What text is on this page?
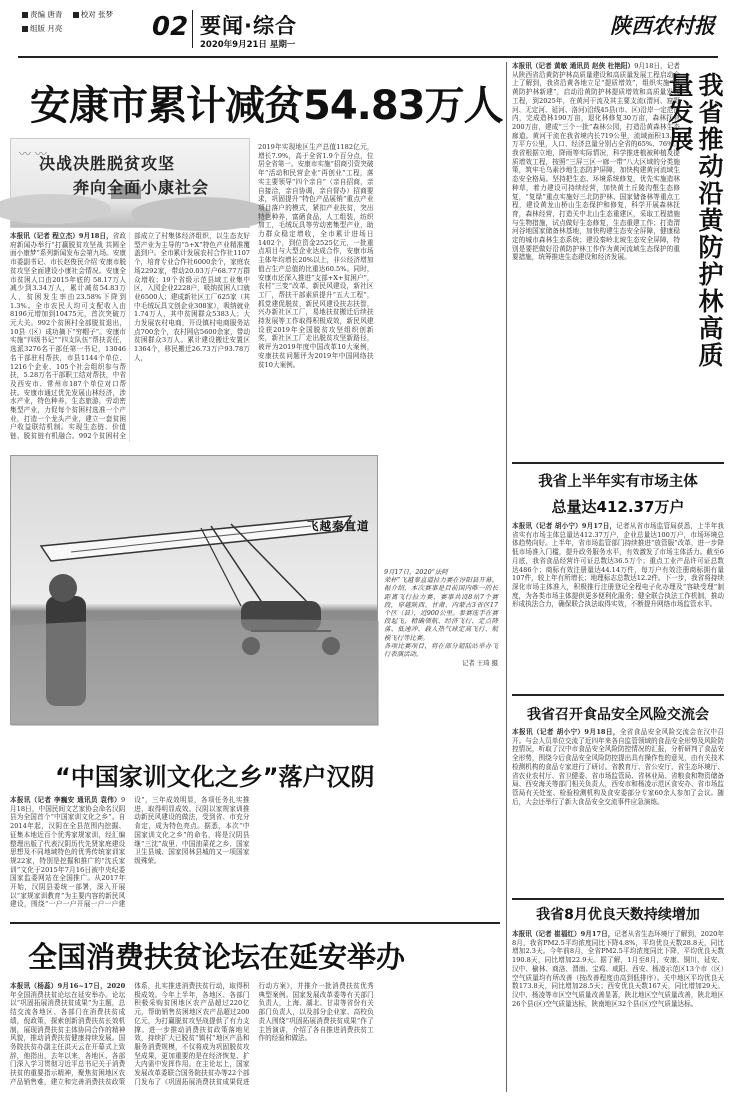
责编 唐青 校对 张梦
组版 月亮	02 要闻·综合
2020年9月21日 星期一
陕西农村报
安康市累计减贫54.83万人
〰 〰
决战决胜脱贫攻坚
奔向全面小康社会
本报讯（记者 程立杰）9月18日，省政府新闻办举行“打赢脱贫攻坚战 共圆全面小康梦”系列新闻发布会第九场。安康市委副书记、市长赵俊民介绍 安康市脱贫攻坚全面建设小康社会情况。安康全市贫困人口由2015年底的 58.17万人减少到3.34万人，累计减贫54.83万人，贫困发生率由23.58%下降到1.3%。全市农民人均可支配收入由8196元增加到10475元，首次突破万元大关。992个贫困村全部脱贫退出，10县（区）成功摘下“穷帽子”。安康市实施“四级书记”“四支队伍”帮扶责任，选派3276名干部任第一书记，13046名干部驻村帮扶，市县1144个单位、1216个企业、105个社会组织参与帮扶，5.28万名干部职工结对帮扶，中省及西安市、常州市187个单位对口帮扶。安康市通过优先发展山林经济，涉水产业，特色种养，生态旅游，劳动密集型产业，力促每个贫困村选准一个产业，打造一个龙头产业，建立一套贫困户收益联结机制。实现生态链、价值链、脱贫链有机融合。992个贫困村全部成立了村集体经济组织，以生态友好型产业为主导的“5+X”特色产业精准覆盖到户。全市累计发展农村合作社1107个，培育专业合作社6000余个，家庭农场2292家，带动20.03万户68.77万群众增收；19个省级示范县域工业集中区，入园企业2228户，吸纳贫困人口就业6500人；建成新社区工厂625家（其中毛绒玩具文创企业308家），吸纳就业1.74万人，其中贫困群众5383人；大力发展农村电商，开设镇村电商服务站点700余个，农村网店5600余家，带动贫困群众3万人。累计建设搬迁安置区1364个，移民搬迁26.73万户93.78万人，
2019年实现地区生产总值1182亿元，增长7.9%，高于全省1.9个百分点，位居全省第一。安康市实施“招商引资突破年”活动和民营企业“再创业”工程，落实主要领导“四个亲自”（亲自招商，亲自接洽，亲自协调，亲自督办）招商要求，巩固提升“特色产品展销”重点产业项目落户的模式，紧扣产业扶贫，突出特色种养，富硒食品，人工组装，纺织加工，毛绒玩具等劳动密集型产业，助力群众稳定增收，全市累计进场日1402个，到位资金2525亿元，一批重点项目与大型企业达成合作，安康市场主体年均增长20%以上，非公经济增加值占生产总值的比重达60.5%。同时，安康市还深入推进“支部+X+贫困户”，农村“三变”改革，新民风建设，新社区工厂，帮扶干部素质提升“五大工程”，抓党建促脱贫，新民风建设扶志扶智，兴办新社区工厂，易地扶贫搬迁后续扶持发展等工作取得积极成效，新民风建设获2019年全国脱贫攻坚组织创新奖，新社区工厂走出脱贫攻坚新路径，被评为2019年度中国改革10大案例，安康扶贫问题评为2019年中国网络扶贫10大案例。
飞越秦直道
9月17日，2020“法阿
荣杯”飞越秦直道拉力赛在淳阳县开幕。据介绍，本次赛事是目前国内唯一的长距离飞行拉力赛，赛事共设8站7个赛段，穿越陕西、甘肃、内蒙古3省区17个区（县），近900公里。参赛选手在赛段起飞，精确领航、经济飞行、定点降落、低速冲、载人热气球定高飞行、航模飞行等比赛。
各项比赛项目，将在部分超陆站举办飞行表演活动。
记者 王琦 摄
“中国家训文化之乡”落户汉阴
本报讯（记者 李巍安 通讯员 袁伟）9月18日，中国民间文艺家协会命名汉阴县为全国首个“中国家训文化之乡”。自2014年起，汉阴在全县范围内挖掘、征集本地近百个优秀家规家训，经汇编整理出版了代表汉阴历代先贤家庭建设思想及不同地域特色的优秀传统家训家规22家，特别是挖掘和推广的“沈氏家训”文化于2015年7月16日被中央纪委国家监委网站在全国推广。从2017年开始，汉阴县委统一部署，深入开展以“家规家训教育”为主要内容的新民风建设，围绕“一户一户开展一户一户建设”，三年成效明显，各项任务扎实推进，取得明显成效。汉阴以家规家训推动新民风建设的做法，受到省、市充分肯定，成为特色亮点。据悉，本次“中国家训文化之乡”的命名，将是汉阴县继“三沈”故里、中国油菜花之乡、国家卫生县城、国家园林县城的又一项国家级殊荣。
全国消费扶贫论坛在延安举办
本报讯（杨蕊）9月16~17日，2020年全国消费扶贫论坛在延安举办。论坛以“巩固拓展消费扶贫成果”为主题，总结交流各地区、各部门在消费扶贫成绩，倪政策，探索创新消费扶贫长效机制，展现消费扶贫主体协同合作的精神风貌，推动消费扶贫健康持续发展。国务院扶贫办副主任洪天云在开幕式上致辞，他指出，去年以来，各地区、各部门深入学习贯彻习近平总书记关于消费扶贫的重要指示精神，聚焦贫困地区农产品销售难，建立和完善消费扶贫政策体系，扎实推进消费扶贫行动，取得积极成效。今年上半年，各地区、各部门积极采购贫困地区农产品超过220亿元，帮助销售贫困地区农产品超过200亿元，为打赢脱贫攻坚战提供了有力支撑。进一步推动消费扶贫政策落地见效，持续扩大已脱贫“镇村”地区产品和服务消费规模，不仅将成为巩固脱贫攻坚成果，更加重要的是在经济恢复、扩大内需中发挥作用。在主论坛上，国家发展改革委联合国务院扶贫办等22个部门发布了《巩固拓展消费扶贫成果促进行动方案》，并推介一批消费扶贫优秀典型案例。国家发展改革委等有关部门负责人，上海、湖北、甘肃等省份有关部门负责人，以及部分企业家、高校负责人围绕“巩固拓展消费扶贫成果”作了主旨演讲，介绍了各自推进消费扶贫工作的经验和做法。
本报讯（记者 黄敏 通讯员 赵侠 杜艳阳）9月18日，记者从陕西省沿黄防护林高质量建设和高质量发展工程启动会上了解到，我省沿黄各地立足“提质增效”，组织实施“沿黄防护林新建”，启动沿黄防护林提质增效和高质量发展工程，到2025年，在黄河干流及其主要支流(渭河、窟野河、无定河、延河、洛河)沿线45县(市、区)沿岸一定范围内，完成造林190万亩，退化林修复30万亩，森林抚育200万亩，建成“三个一批”森林公园，打造沿黄森林生态廊道。黄河干流在我省境内长719公里，流域面积13.33万平方公里，人口、经济总量分别占全省的65%、76%。我省根据立地，降雨等实际情况，科学推进植被种植及提质增效工程，按照“三屏三区一廊一带”八大区域的分类施策，筑牢毛乌素沙地生态防护屏障，加快构建黄河流域生态安全格局。坚持把生态、环境系统修复，优先实施造林种草，着力建设可持续经营，加快黄土丘陵沟壑生态修复，“复绿”重点实施好三北防护林、国家储备林等重点工程，建设黄龙山桥山生态保护和修复，科学开展森林抚育，森林经营，打造关中北山生态重建区，采取工程措施与生物措施，试点做好生态修复，生态重建工作；打造渭河谷地国家储备林基地，加快构建生态安全屏障，健康稳定的城市森林生态系统；建设秦岭北坡生态安全屏障，特别是要把做好沿黄防护林工作作为黄河流域生态保护的重要措施，统筹推进生态建设和经济发展。	我省推动沿黄防护林高质量发展
我省上半年实有市场主体
总量达412.37万户
本报讯（记者 胡小宁）9月17日，记者从省市场监管局获悉，上半年我省实有市场主体总量达412.37万户，企业总量达100万户，市场环境总体趋势向好。上半年，省市场监管部门持续推进“放管服”改革，进一步降低市场准入门槛，提升政务服务水平，有效激发了市场主体活力。截至6月底，我省食品经营许可证总数达36.5万个；重点工业产品许可证总数达486个；商标有效注册量达44.14万件，每万户有效注册商标拥有量107件，较上年有所增长；地理标志总数达12.2件。下一步，我省将持续深化市场主体准入，积极推行注册登记全程电子化办理及“容缺受理”制度，为各类市场主体提供更多便利化服务；健全联合执法工作机制，推动形成执法合力，确保联合执法取得实效，不断提升网络市场监管水平。
我省召开食品安全风险交流会
本报讯（记者 胡小宁）9月18日，全省食品安全风险交流会在汉中召开。与会人员单位交流了近四年来各自监管领域的食品安全形势及风险防控情况，听取了汉中市食品安全风险防控情况的汇报，分析研判了食品安全形势，围绕今后食品安全风险防控提出具有操作性的意见，由有关技术检测机构的食品专家进行了研讨。省教育厅、省公安厅、省生态环境厅、省农业农村厅、省卫健委、省市场监管局、省林业局、省粮食和物资储备局、西安海关等部门相关负责人，西安市和杨凌示范区食安办、省市场监管局有关处室、检验检测机构及食安委部分专家60余人参加了会议。随后，大会还举行了新大食品安全交流事件应急演练。
我省8月优良天数持续增加
本报讯（记者 崔福红）9月17日，记者从省生态环境厅了解到，2020年8月，我省PM2.5平均浓度同比下降4.8%，平均优良天数28.8天，同比增加2.3天。今年前8月，全省PM2.5平均浓度同比下降，平均优良天数190.8天，同比增加22.9天。据了解，1月至8月，安康、铜川、延安、汉中、榆林、商洛、渭南、宝鸡、咸阳、西安、杨凌示范区13个市（区）空气质量均有所改善（按改善程度由高到低排序）。关中地区平均优良天数173.8天，同比增加28.5天；西安优良天数167天，同比增加29天。汉中、杨凌等市区空气质量改善显著，陕北地区空气质量改善，陕北地区26个县(区)空气质量达标，陕南地区32个县(区)空气质量达标。
